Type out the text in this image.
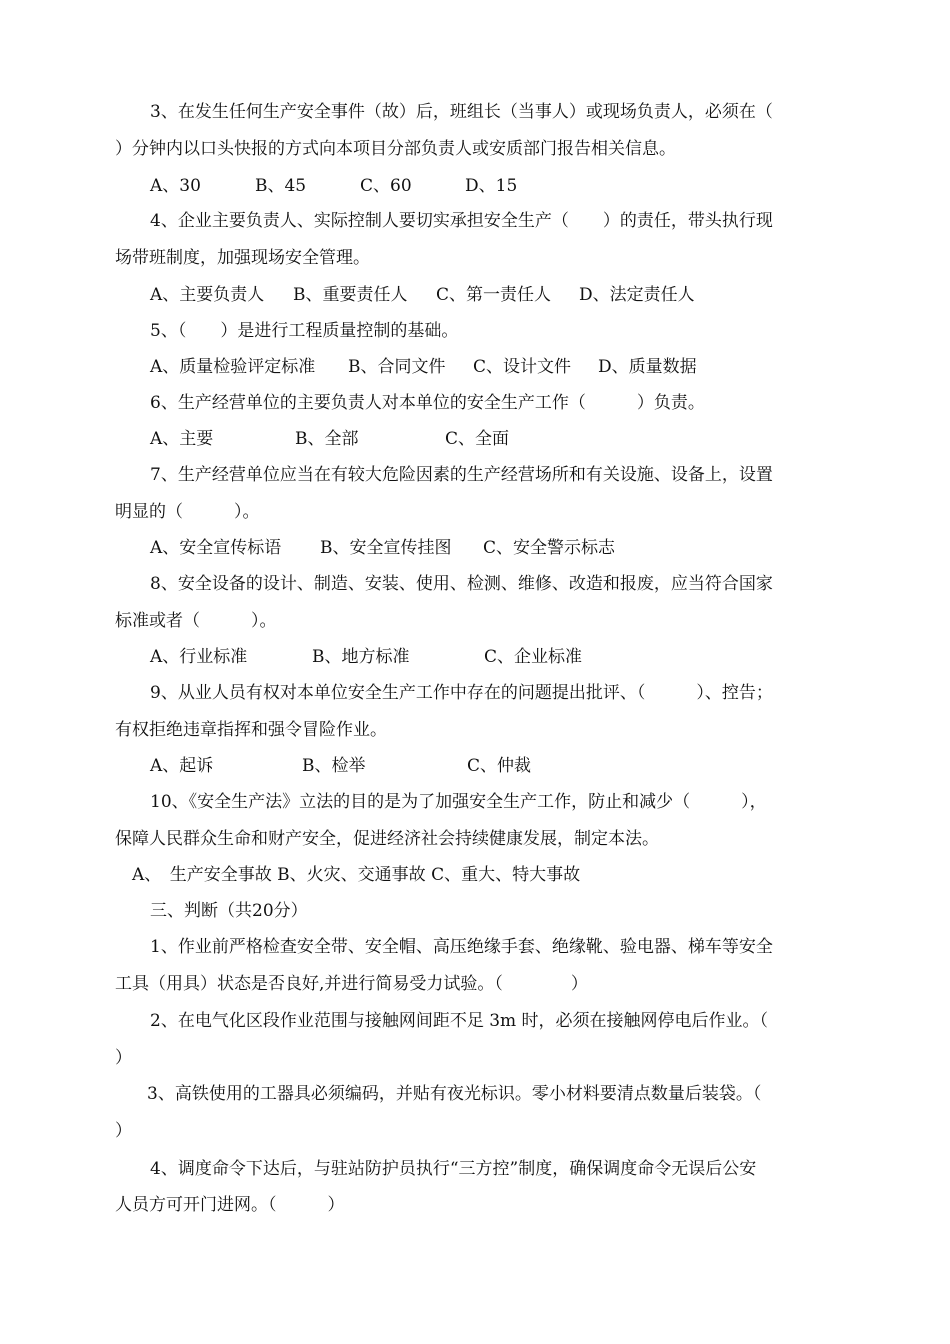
3、在发生任何生产安全事件（故）后，班组长（当事人）或现场负责人，必须在（
）分钟内以口头快报的方式向本项目分部负责人或安质部门报告相关信息。
A、30	B、45	C、60	D、15
4、企业主要负责人、实际控制人要切实承担安全生产（　　）的责任，带头执行现
场带班制度，加强现场安全管理。
A、主要负责人 B、重要责任人 C、第一责任人 D、法定责任人
5、（　　）是进行工程质量控制的基础。
A、质量检验评定标准 B、合同文件 C、设计文件 D、质量数据
6、生产经营单位的主要负责人对本单位的安全生产工作（　　　）负责。
A、主要	B、全部	C、全面
7、生产经营单位应当在有较大危险因素的生产经营场所和有关设施、设备上，设置
明显的（　　　）。
A、安全宣传标语 B、安全宣传挂图 C、安全警示标志
8、安全设备的设计、制造、安装、使用、检测、维修、改造和报废，应当符合国家
标准或者（　　　）。
A、行业标准	B、地方标准	C、企业标准
9、从业人员有权对本单位安全生产工作中存在的问题提出批评、（　　　）、控告；
有权拒绝违章指挥和强令冒险作业。
A、起诉	B、检举	C、仲裁
10、《安全生产法》立法的目的是为了加强安全生产工作，防止和减少（　　　），
保障人民群众生命和财产安全，促进经济社会持续健康发展，制定本法。
A、　生产安全事故 B、火灾、交通事故 C、重大、特大事故
三、判断（共20分）
1、作业前严格检查安全带、安全帽、高压绝缘手套、绝缘靴、验电器、梯车等安全
工具（用具）状态是否良好,并进行简易受力试验。（　　　　）
2、在电气化区段作业范围与接触网间距不足 3m 时，必须在接触网停电后作业。（
）
3、高铁使用的工器具必须编码，并贴有夜光标识。零小材料要清点数量后装袋。（
）
4、调度命令下达后，与驻站防护员执行“三方控”制度，确保调度命令无误后公安
人员方可开门进网。（　　　）
